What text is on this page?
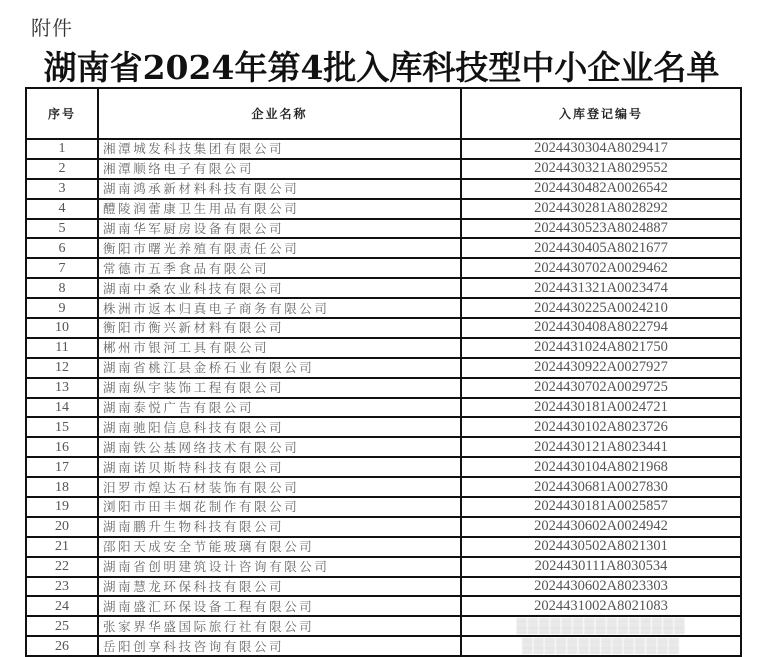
附件
湖南省2024年第4批入库科技型中小企业名单
序号	企业名称	入库登记编号
1	湘潭城发科技集团有限公司	2024430304A8029417
2	湘潭顺络电子有限公司	2024430321A8029552
3	湖南鸿承新材料科技有限公司	2024430482A0026542
4	醴陵润蕾康卫生用品有限公司	2024430281A8028292
5	湖南华军厨房设备有限公司	2024430523A8024887
6	衡阳市曙光养殖有限责任公司	2024430405A8021677
7	常德市五季食品有限公司	2024430702A0029462
8	湖南中桑农业科技有限公司	2024431321A0023474
9	株洲市返本归真电子商务有限公司	2024430225A0024210
10	衡阳市衡兴新材料有限公司	2024430408A8022794
11	郴州市银河工具有限公司	2024431024A8021750
12	湖南省桃江县金桥石业有限公司	2024430922A0027927
13	湖南纵宇装饰工程有限公司	2024430702A0029725
14	湖南泰悦广告有限公司	2024430181A0024721
15	湖南驰阳信息科技有限公司	2024430102A8023726
16	湖南铁公基网络技术有限公司	2024430121A8023441
17	湖南诺贝斯特科技有限公司	2024430104A8021968
18	汨罗市煌达石材装饰有限公司	2024430681A0027830
19	浏阳市田丰烟花制作有限公司	2024430181A0025857
20	湖南鹏升生物科技有限公司	2024430602A0024942
21	邵阳天成安全节能玻璃有限公司	2024430502A8021301
22	湖南省创明建筑设计咨询有限公司	2024430111A8030534
23	湖南慧龙环保科技有限公司	2024430602A8023303
24	湖南盛汇环保设备工程有限公司	2024431002A8021083
25	张家界华盛国际旅行社有限公司	▒▒▒▒▒▒▒▒▒▒▒▒▒▒▒
26	岳阳创享科技咨询有限公司	▒▒▒▒▒▒▒▒▒▒▒▒▒▒
